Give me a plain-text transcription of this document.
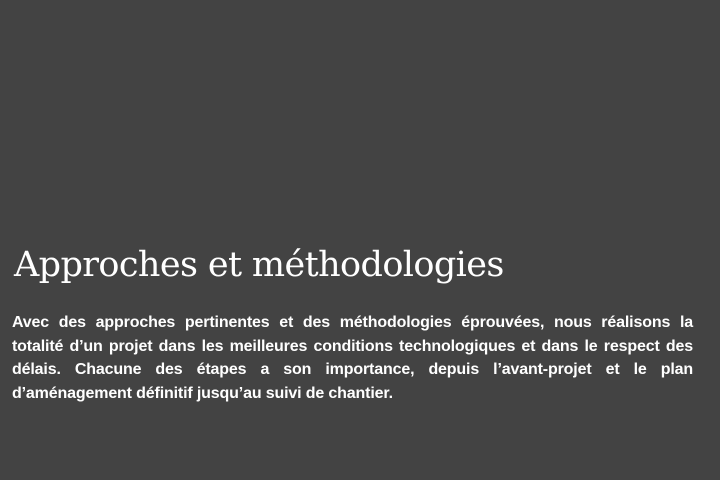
Approches et méthodologies

Avec des approches pertinentes et des méthodologies éprouvées, nous réalisons la totalité d’un projet dans les meilleures conditions technologiques et dans le respect des délais. Chacune des étapes a son importance, depuis l’avant-projet et le plan d’aménagement définitif jusqu’au suivi de chantier.
